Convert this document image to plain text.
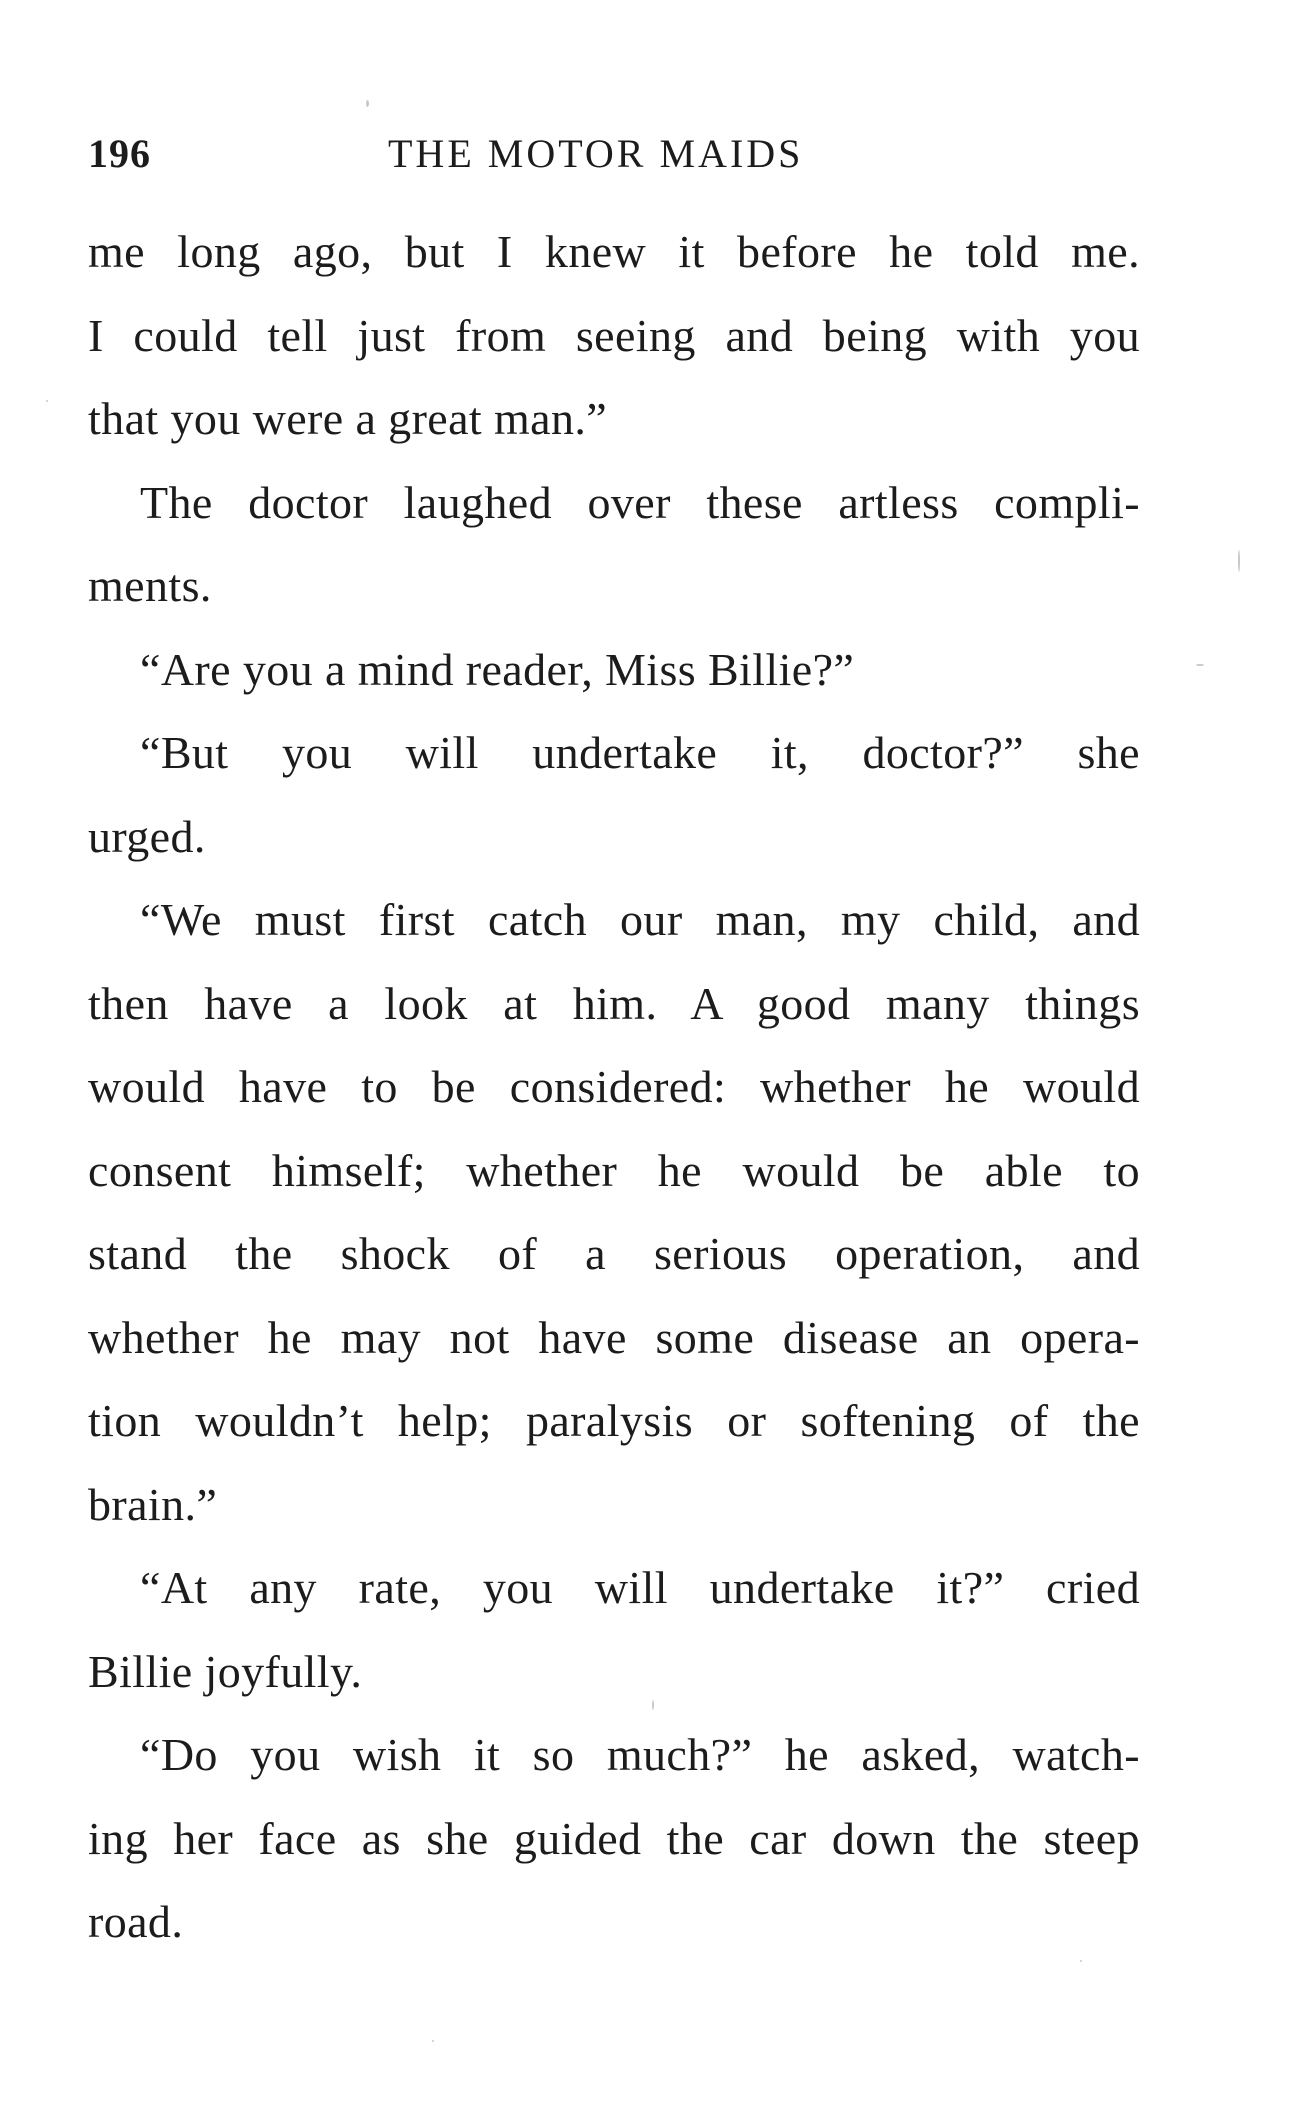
196	THE MOTOR MAIDS
me long ago, but I knew it before he told me.
I could tell just from seeing and being with you
that you were a great man.”
The doctor laughed over these artless compli-
ments.
“Are you a mind reader, Miss Billie?”
“But you will undertake it, doctor?” she
urged.
“We must first catch our man, my child, and
then have a look at him. A good many things
would have to be considered: whether he would
consent himself; whether he would be able to
stand the shock of a serious operation, and
whether he may not have some disease an opera-
tion wouldn’t help; paralysis or softening of the
brain.”
“At any rate, you will undertake it?” cried
Billie joyfully.
“Do you wish it so much?” he asked, watch-
ing her face as she guided the car down the steep
road.
